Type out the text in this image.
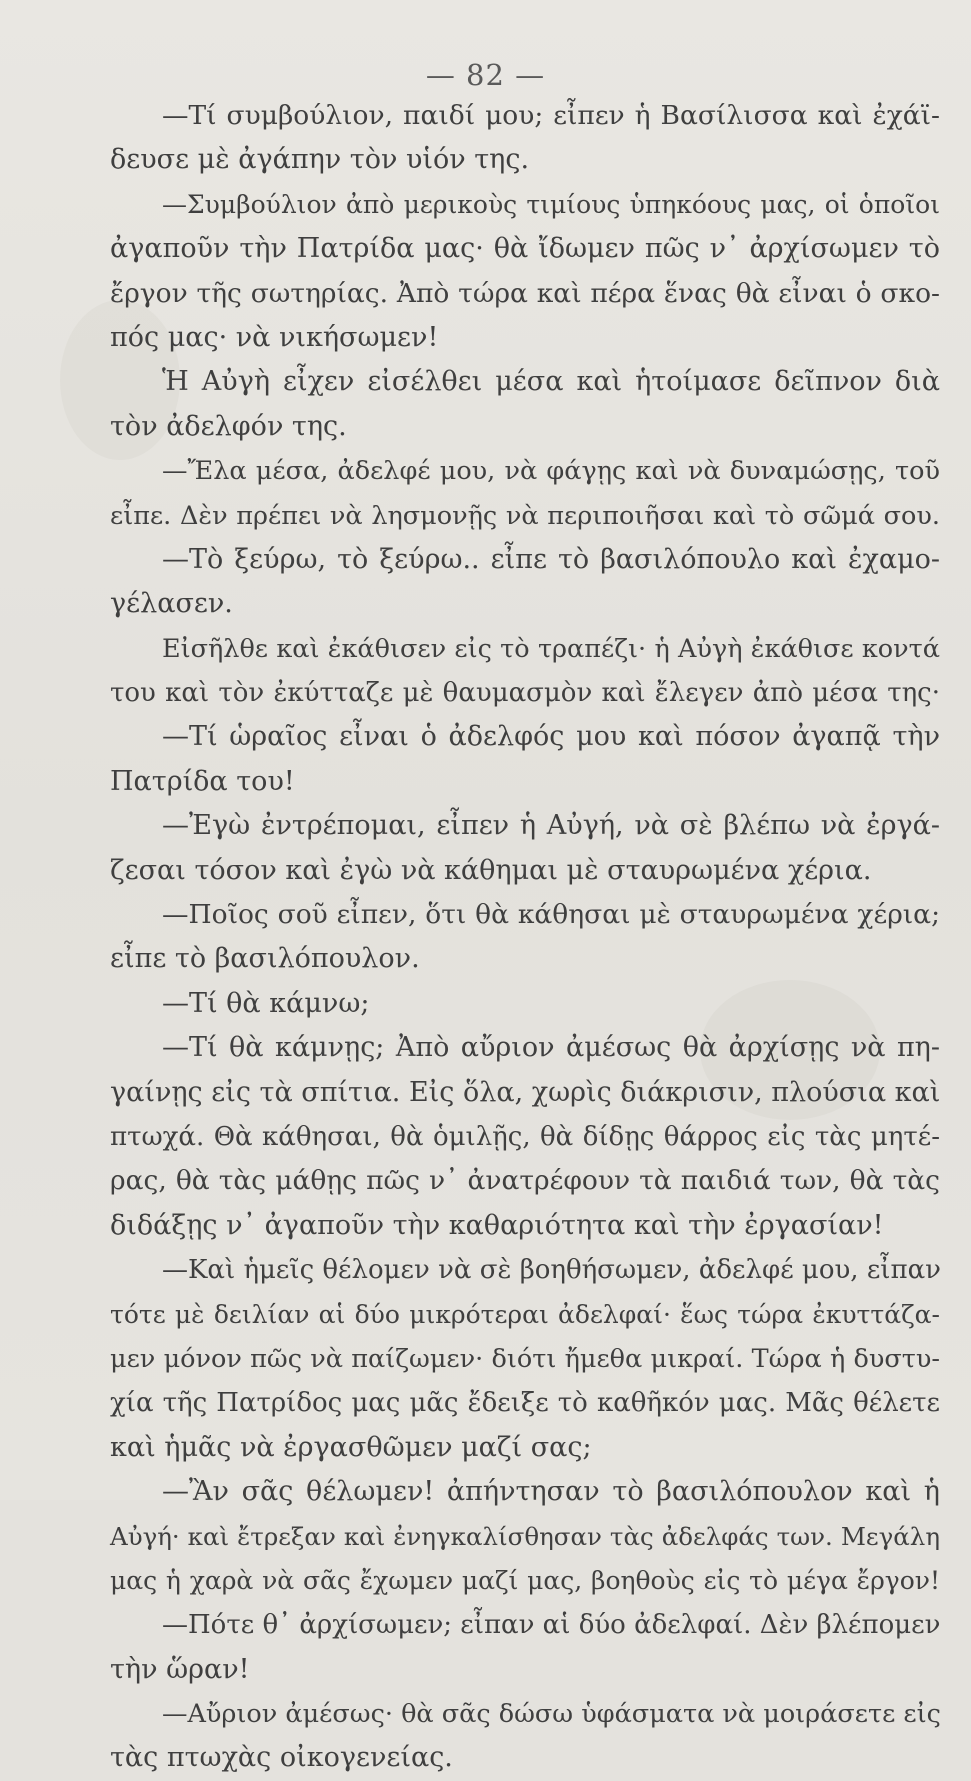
— 82 —
—Τί συμβούλιον, παιδί μου; εἶπεν ἡ Βασίλισσα καὶ ἐχάϊ-
δευσε μὲ ἀγάπην τὸν υἱόν της.
—Συμβούλιον ἀπὸ μερικοὺς τιμίους ὑπηκόους μας, οἱ ὁποῖοι
ἀγαποῦν τὴν Πατρίδα μας· θὰ ἴδωμεν πῶς ν᾽ ἀρχίσωμεν τὸ
ἔργον τῆς σωτηρίας. Ἀπὸ τώρα καὶ πέρα ἕνας θὰ εἶναι ὁ σκο-
πός μας· νὰ νικήσωμεν!
Ἡ Αὐγὴ εἶχεν εἰσέλθει μέσα καὶ ἡτοίμασε δεῖπνον διὰ
τὸν ἀδελφόν της.
—Ἔλα μέσα, ἀδελφέ μου, νὰ φάγῃς καὶ νὰ δυναμώσῃς, τοῦ
εἶπε. Δὲν πρέπει νὰ λησμονῇς νὰ περιποιῆσαι καὶ τὸ σῶμά σου.
—Τὸ ξεύρω, τὸ ξεύρω.. εἶπε τὸ βασιλόπουλο καὶ ἐχαμο-
γέλασεν.
Εἰσῆλθε καὶ ἐκάθισεν εἰς τὸ τραπέζι· ἡ Αὐγὴ ἐκάθισε κοντά
του καὶ τὸν ἐκύτταζε μὲ θαυμασμὸν καὶ ἔλεγεν ἀπὸ μέσα της·
—Τί ὡραῖος εἶναι ὁ ἀδελφός μου καὶ πόσον ἀγαπᾷ τὴν
Πατρίδα του!
—Ἐγὼ ἐντρέπομαι, εἶπεν ἡ Αὐγή, νὰ σὲ βλέπω νὰ ἐργά-
ζεσαι τόσον καὶ ἐγὼ νὰ κάθημαι μὲ σταυρωμένα χέρια.
—Ποῖος σοῦ εἶπεν, ὅτι θὰ κάθησαι μὲ σταυρωμένα χέρια;
εἶπε τὸ βασιλόπουλον.
—Τί θὰ κάμνω;
—Τί θὰ κάμνῃς; Ἀπὸ αὔριον ἀμέσως θὰ ἀρχίσῃς νὰ πη-
γαίνῃς εἰς τὰ σπίτια. Εἰς ὅλα, χωρὶς διάκρισιν, πλούσια καὶ
πτωχά. Θὰ κάθησαι, θὰ ὁμιλῇς, θὰ δίδῃς θάρρος εἰς τὰς μητέ-
ρας, θὰ τὰς μάθῃς πῶς ν᾽ ἀνατρέφουν τὰ παιδιά των, θὰ τὰς
διδάξῃς ν᾽ ἀγαποῦν τὴν καθαριότητα καὶ τὴν ἐργασίαν!
—Καὶ ἡμεῖς θέλομεν νὰ σὲ βοηθήσωμεν, ἀδελφέ μου, εἶπαν
τότε μὲ δειλίαν αἱ δύο μικρότεραι ἀδελφαί· ἕως τώρα ἐκυττάζα-
μεν μόνον πῶς νὰ παίζωμεν· διότι ἤμεθα μικραί. Τώρα ἡ δυστυ-
χία τῆς Πατρίδος μας μᾶς ἔδειξε τὸ καθῆκόν μας. Μᾶς θέλετε
καὶ ἡμᾶς νὰ ἐργασθῶμεν μαζί σας;
—Ἂν σᾶς θέλωμεν! ἀπήντησαν τὸ βασιλόπουλον καὶ ἡ
Αὐγή· καὶ ἔτρεξαν καὶ ἐνηγκαλίσθησαν τὰς ἀδελφάς των. Μεγάλη
μας ἡ χαρὰ νὰ σᾶς ἔχωμεν μαζί μας, βοηθοὺς εἰς τὸ μέγα ἔργον!
—Πότε θ᾽ ἀρχίσωμεν; εἶπαν αἱ δύο ἀδελφαί. Δὲν βλέπομεν
τὴν ὥραν!
—Αὔριον ἀμέσως· θὰ σᾶς δώσω ὑφάσματα νὰ μοιράσετε εἰς
τὰς πτωχὰς οἰκογενείας.
